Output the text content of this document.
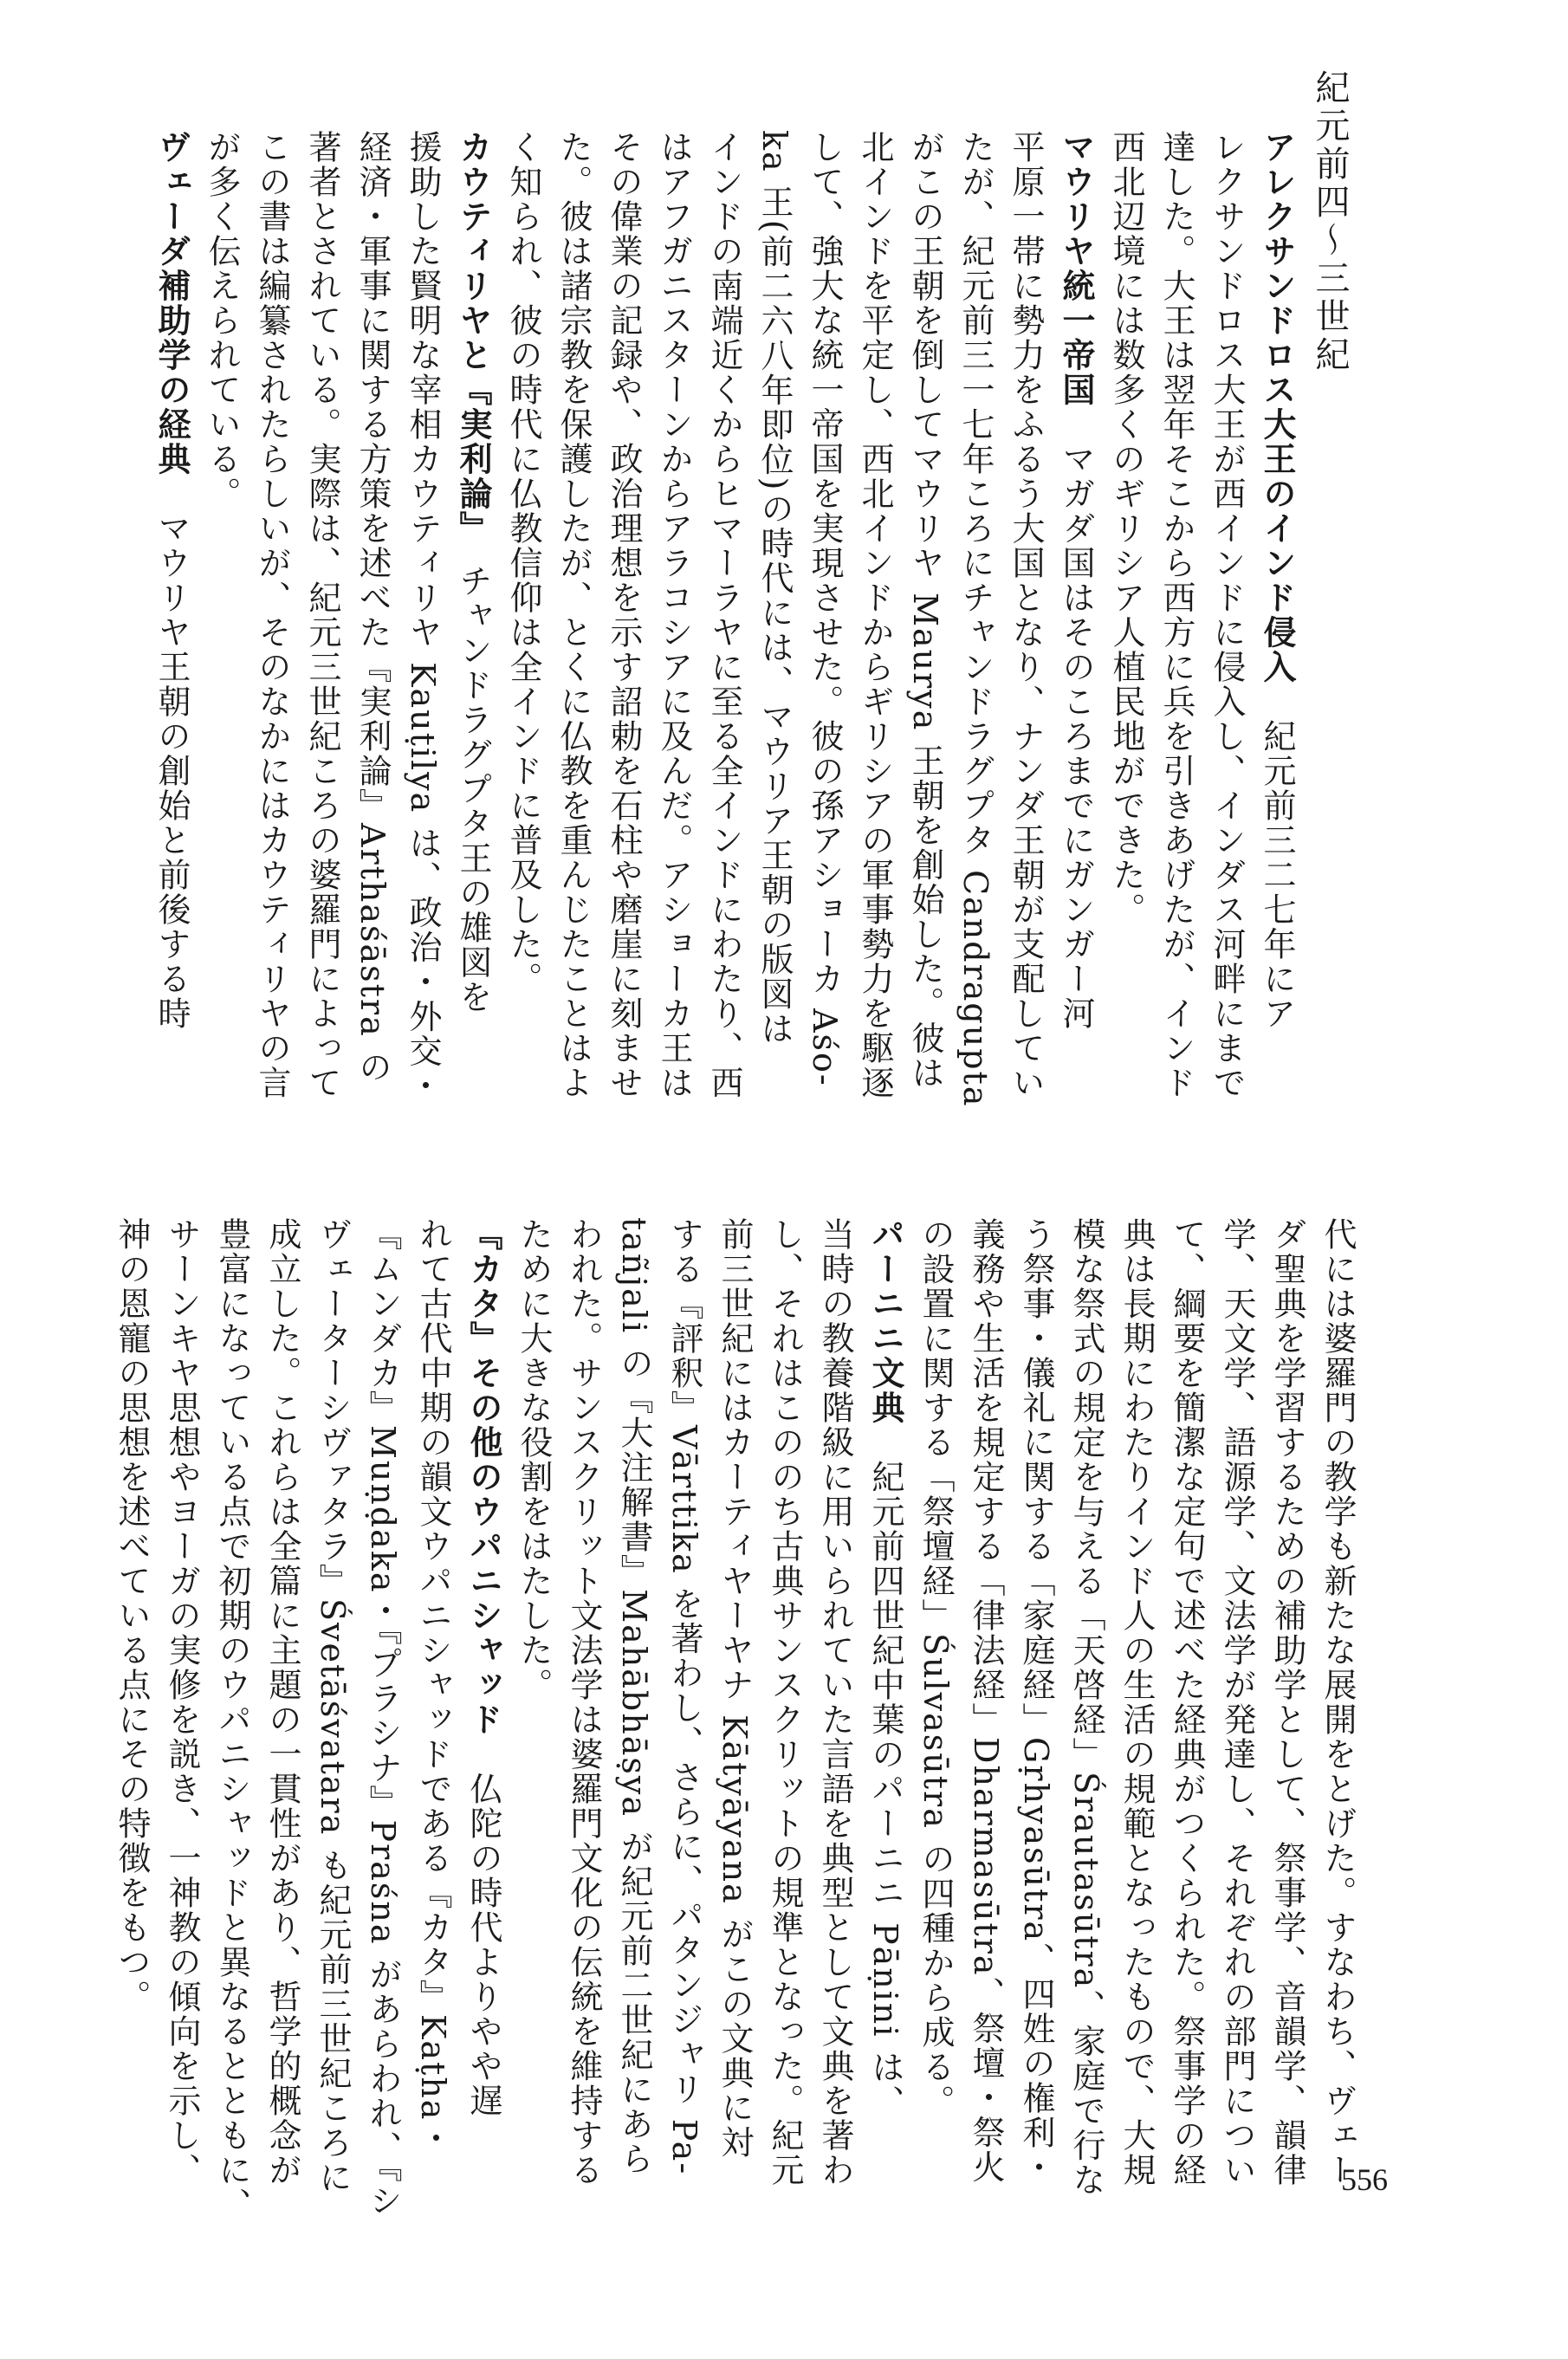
紀元前四〜三世紀
アレクサンドロス大王のインド侵入　紀元前三二七年にア
レクサンドロス大王が西インドに侵入し、インダス河畔にまで
達した。大王は翌年そこから西方に兵を引きあげたが、インド
西北辺境には数多くのギリシア人植民地ができた。
マウリヤ統一帝国　マガダ国はそのころまでにガンガー河
平原一帯に勢力をふるう大国となり、ナンダ王朝が支配してい
たが、紀元前三一七年ころにチャンドラグプタ Candragupta
がこの王朝を倒してマウリヤ Maurya 王朝を創始した。彼は
北インドを平定し、西北インドからギリシアの軍事勢力を駆逐
して、強大な統一帝国を実現させた。彼の孫アショーカ Aśo-
ka 王(前二六八年即位)の時代には、マウリア王朝の版図は
インドの南端近くからヒマーラヤに至る全インドにわたり、西
はアフガニスターンからアラコシアに及んだ。アショーカ王は
その偉業の記録や、政治理想を示す詔勅を石柱や磨崖に刻ませ
た。彼は諸宗教を保護したが、とくに仏教を重んじたことはよ
く知られ、彼の時代に仏教信仰は全インドに普及した。
カウティリヤと『実利論』　チャンドラグプタ王の雄図を
援助した賢明な宰相カウティリヤ Kauṭilya は、政治・外交・
経済・軍事に関する方策を述べた『実利論』Arthaśāstra の
著者とされている。実際は、紀元三世紀ころの婆羅門によって
この書は編纂されたらしいが、そのなかにはカウティリヤの言
が多く伝えられている。
ヴェーダ補助学の経典　マウリヤ王朝の創始と前後する時
代には婆羅門の教学も新たな展開をとげた。すなわち、ヴェー
ダ聖典を学習するための補助学として、祭事学、音韻学、韻律
学、天文学、語源学、文法学が発達し、それぞれの部門につい
て、綱要を簡潔な定句で述べた経典がつくられた。祭事学の経
典は長期にわたりインド人の生活の規範となったもので、大規
模な祭式の規定を与える「天啓経」Śrautasūtra、家庭で行な
う祭事・儀礼に関する「家庭経」Gṛhyasūtra、四姓の権利・
義務や生活を規定する「律法経」Dharmasūtra、祭壇・祭火
の設置に関する「祭壇経」Śulvasūtra の四種から成る。
パーニニ文典　紀元前四世紀中葉のパーニニ Pāṇini は、
当時の教養階級に用いられていた言語を典型として文典を著わ
し、それはこののち古典サンスクリットの規準となった。紀元
前三世紀にはカーティヤーヤナ Kātyāyana がこの文典に対
する『評釈』Vārttika を著わし、さらに、パタンジャリ Pa-
tañjali の『大注解書』Mahābhāṣya が紀元前二世紀にあら
われた。サンスクリット文法学は婆羅門文化の伝統を維持する
ために大きな役割をはたした。
『カタ』その他のウパニシャッド　仏陀の時代よりやや遅
れて古代中期の韻文ウパニシャッドである『カタ』Kaṭha・
『ムンダカ』Muṇḍaka・『プラシナ』Praśna があらわれ、『シ
ヴェーターシヴァタラ』Śvetāśvatara も紀元前三世紀ころに
成立した。これらは全篇に主題の一貫性があり、哲学的概念が
豊富になっている点で初期のウパニシャッドと異なるとともに、
サーンキヤ思想やヨーガの実修を説き、一神教の傾向を示し、
神の恩寵の思想を述べている点にその特徴をもつ。
556
